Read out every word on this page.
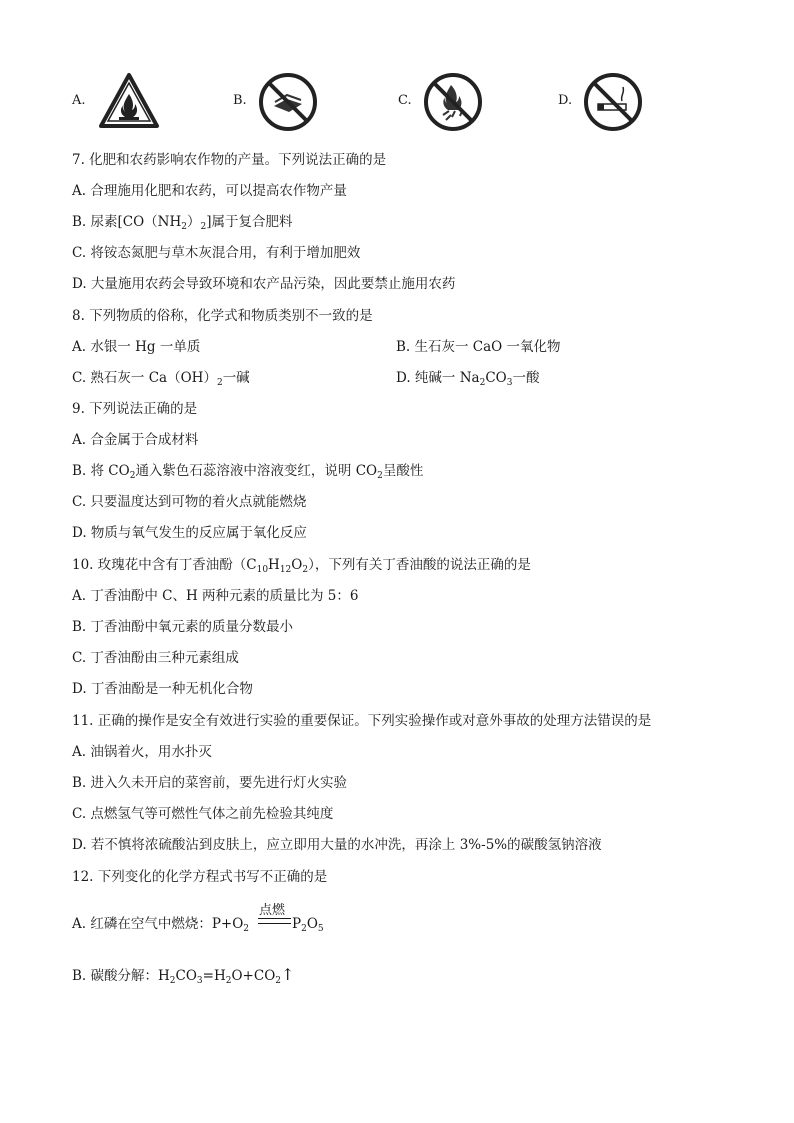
A.	B.	C.	D.
7. 化肥和农药影响农作物的产量。下列说法正确的是
A. 合理施用化肥和农药，可以提高农作物产量
B. 尿素$[CO(NH_2)_2]$属于复合肥料
C. 将铵态氮肥与草木灰混合用，有利于增加肥效
D. 大量施用农药会导致环境和农产品污染，因此要禁止施用农药
8. 下列物质的俗称，化学式和物质类别不一致的是
A. 水银一 Hg 一单质	B. 生石灰一 CaO 一氧化物
C. 熟石灰一 $Ca(OH)_2$一碱	D. 纯碱一 $Na_2CO_3$一酸
9. 下列说法正确的是
A. 合金属于合成材料
B. 将 $CO_2$通入紫色石蕊溶液中溶液变红，说明 $CO_2$呈酸性
C. 只要温度达到可物的着火点就能燃烧
D. 物质与氧气发生的反应属于氧化反应
10. 玫瑰花中含有丁香油酚$(C_{10}H_{12}O_2)$，下列有关丁香油酸的说法正确的是
A. 丁香油酚中 C、H 两种元素的质量比为 5：6
B. 丁香油酚中氧元素的质量分数最小
C. 丁香油酚由三种元素组成
D. 丁香油酚是一种无机化合物
11. 正确的操作是安全有效进行实验的重要保证。下列实验操作或对意外事故的处理方法错误的是
A. 油锅着火，用水扑灭
B. 进入久未开启的菜窖前，要先进行灯火实验
C. 点燃氢气等可燃性气体之前先检验其纯度
D. 若不慎将浓硫酸沾到皮肤上，应立即用大量的水冲洗，再涂上 3%-5%的碳酸氢钠溶液
12. 下列变化的化学方程式书写不正确的是
A. 红磷在空气中燃烧：$P+O_2$
点燃
$P_2O_5$
B. 碳酸分解：$H_2CO_3=H_2O+CO_2↑$
